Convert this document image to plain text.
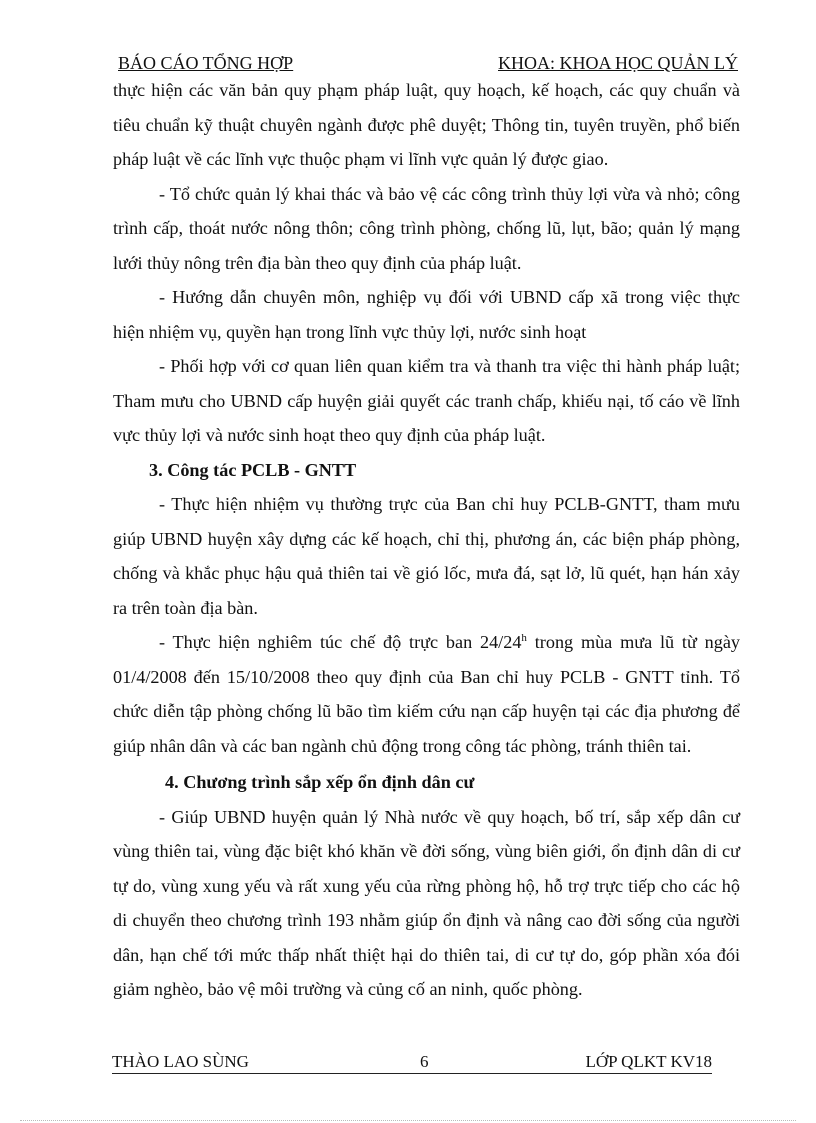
BÁO CÁO TỔNG HỢP	KHOA: KHOA HỌC QUẢN LÝ

thực hiện các văn bản quy phạm pháp luật, quy hoạch, kế hoạch, các quy chuẩn và tiêu chuẩn kỹ thuật chuyên ngành được phê duyệt; Thông tin, tuyên truyền, phổ biến pháp luật về các lĩnh vực thuộc phạm vi lĩnh vực quản lý được giao.

- Tổ chức quản lý khai thác và bảo vệ các công trình thủy lợi vừa và nhỏ; công trình cấp, thoát nước nông thôn; công trình phòng, chống lũ, lụt, bão; quản lý mạng lưới thủy nông trên địa bàn theo quy định của pháp luật.

- Hướng dẫn chuyên môn, nghiệp vụ đối với UBND cấp xã trong việc thực hiện nhiệm vụ, quyền hạn trong lĩnh vực thủy lợi, nước sinh hoạt

- Phối hợp với cơ quan liên quan kiểm tra và thanh tra việc thi hành pháp luật; Tham mưu cho UBND cấp huyện giải quyết các tranh chấp, khiếu nại, tố cáo về lĩnh vực thủy lợi và nước sinh hoạt theo quy định của pháp luật.

3. Công tác PCLB - GNTT

- Thực hiện nhiệm vụ thường trực của Ban chỉ huy PCLB-GNTT, tham mưu giúp UBND huyện xây dựng các kế hoạch, chỉ thị, phương án, các biện pháp phòng, chống và khắc phục hậu quả thiên tai về gió lốc, mưa đá, sạt lở, lũ quét, hạn hán xảy ra trên toàn địa bàn.

- Thực hiện nghiêm túc chế độ trực ban 24/24$^h$ trong mùa mưa lũ từ ngày 01/4/2008 đến 15/10/2008 theo quy định của Ban chỉ huy PCLB - GNTT tỉnh. Tổ chức diễn tập phòng chống lũ bão tìm kiếm cứu nạn cấp huyện tại các địa phương để giúp nhân dân và các ban ngành chủ động trong công tác phòng, tránh thiên tai.

4. Chương trình sắp xếp ổn định dân cư

- Giúp UBND huyện quản lý Nhà nước về quy hoạch, bố trí, sắp xếp dân cư vùng thiên tai, vùng đặc biệt khó khăn về đời sống, vùng biên giới, ổn định dân di cư tự do, vùng xung yếu và rất xung yếu của rừng phòng hộ, hỗ trợ trực tiếp cho các hộ di chuyển theo chương trình 193 nhằm giúp ổn định và nâng cao đời sống của người dân, hạn chế tới mức thấp nhất thiệt hại do thiên tai, di cư tự do, góp phần xóa đói giảm nghèo, bảo vệ môi trường và củng cố an ninh, quốc phòng.

THÀO LAO SÙNG	6	LỚP QLKT KV18
